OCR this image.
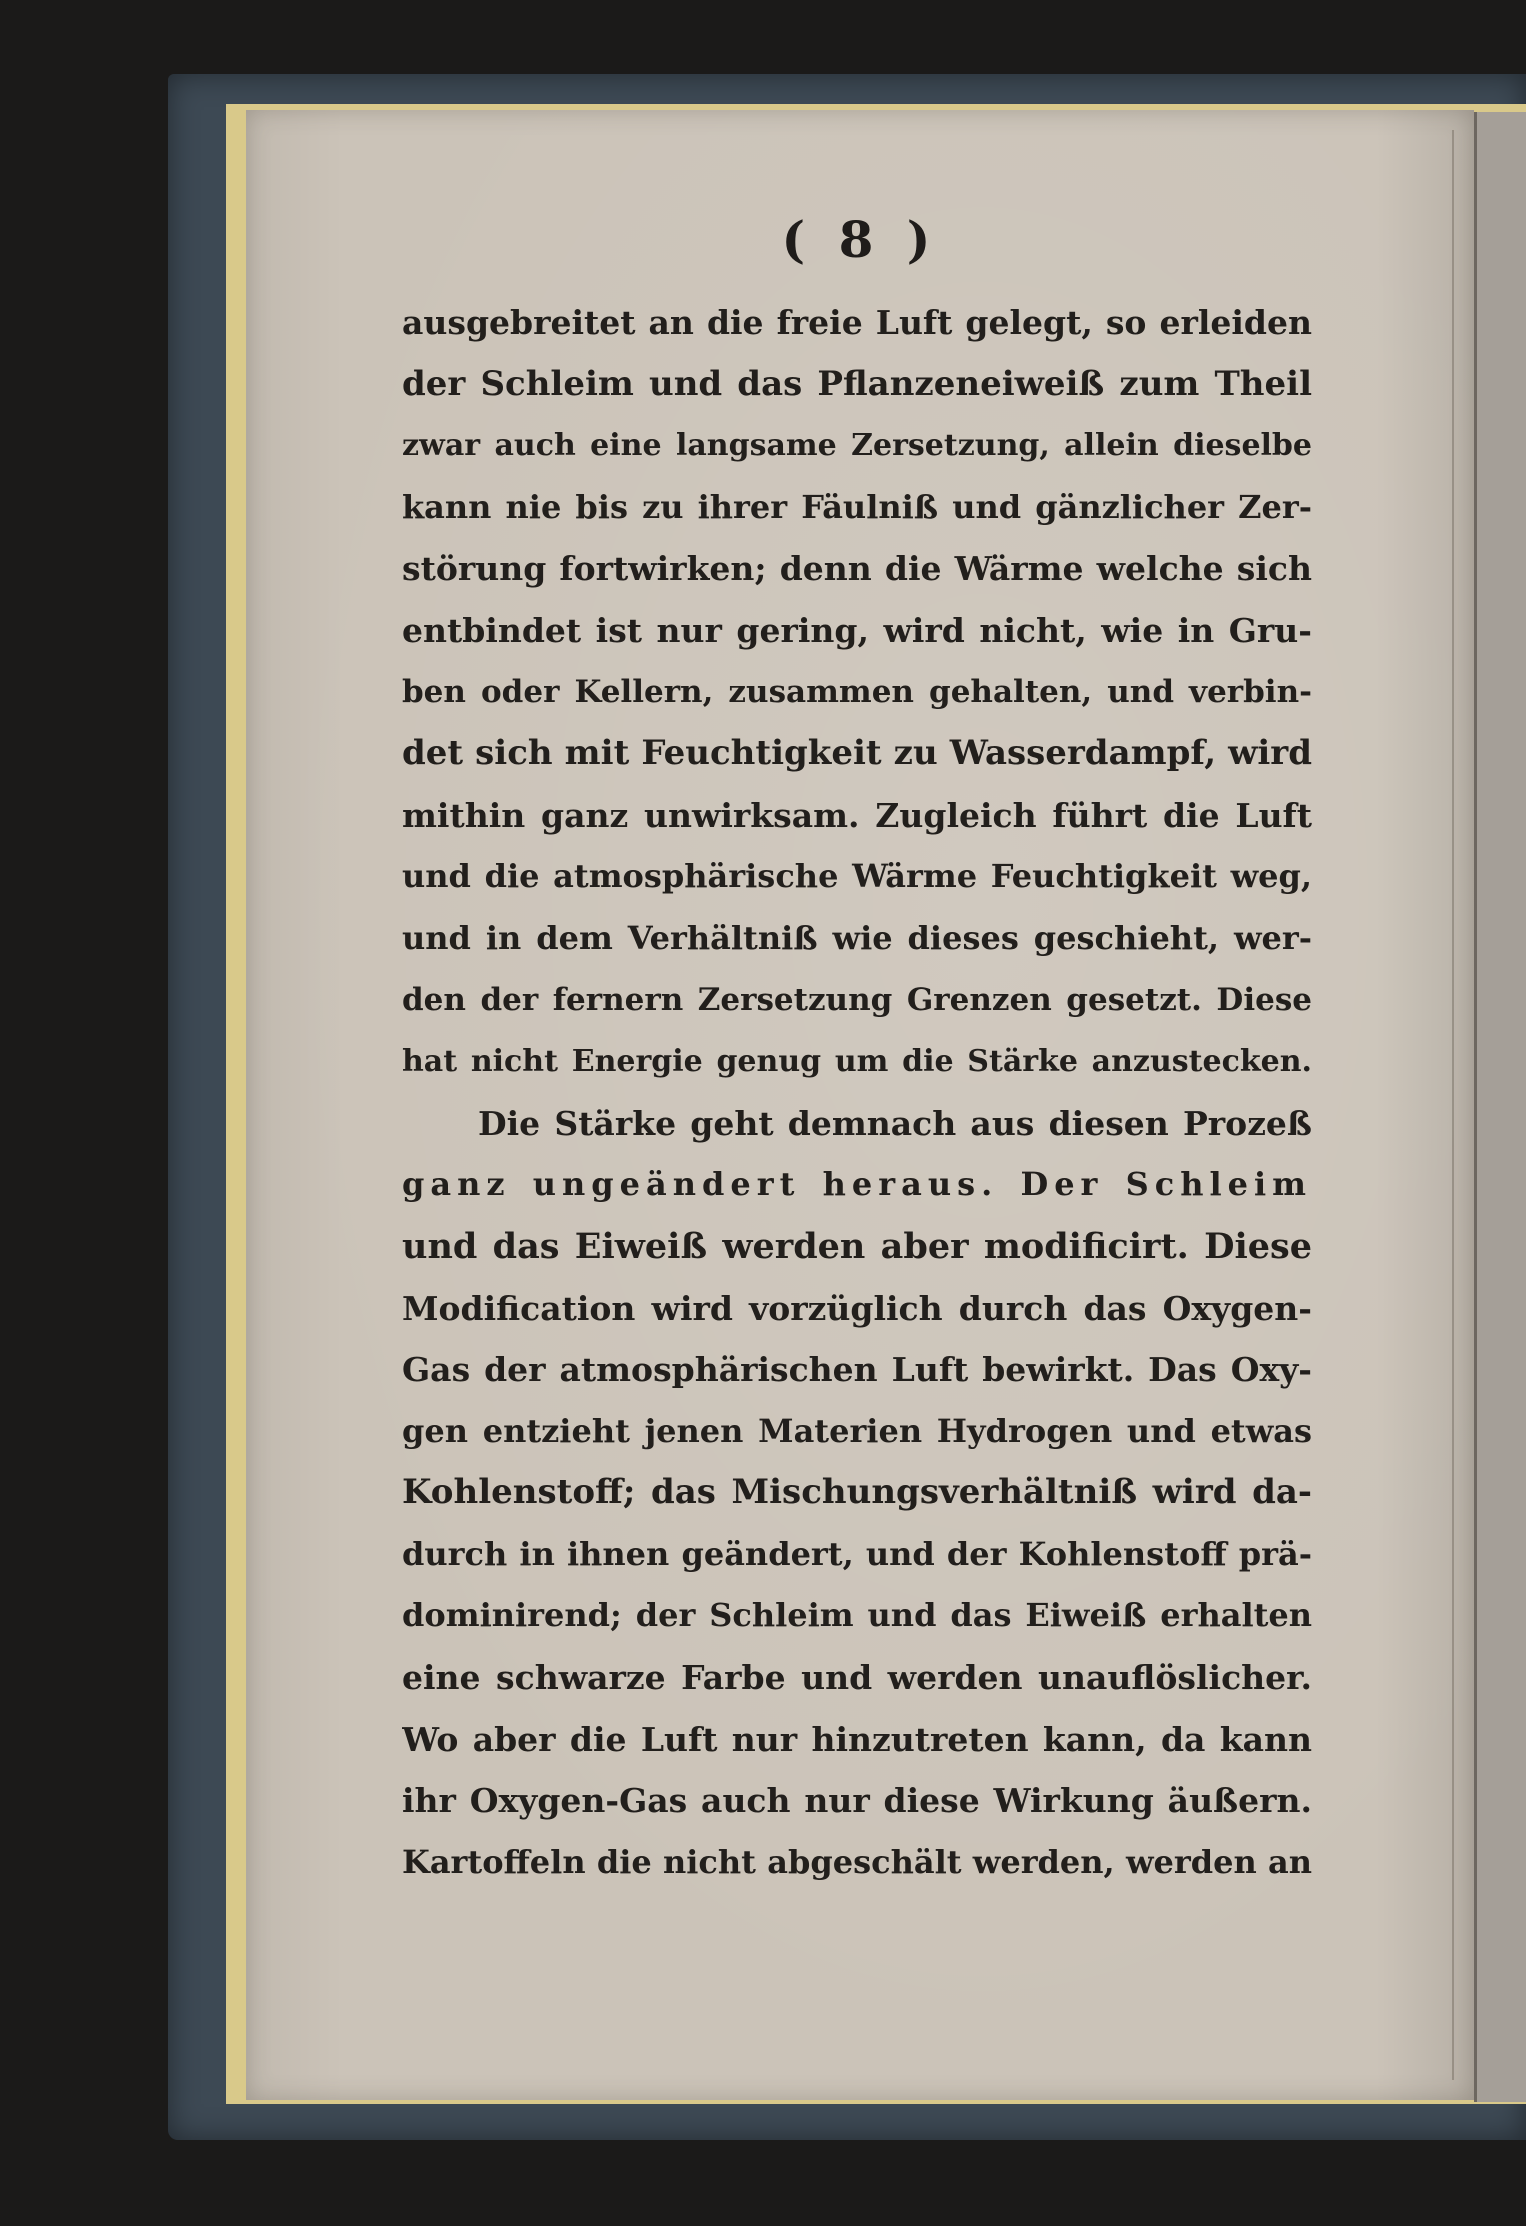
( 8 )
ausgebreitet an die freie Luft gelegt, so erleiden
der Schleim und das Pflanzeneiweiß zum Theil
zwar auch eine langsame Zersetzung, allein dieselbe
kann nie bis zu ihrer Fäulniß und gänzlicher Zer-
störung fortwirken; denn die Wärme welche sich
entbindet ist nur gering, wird nicht, wie in Gru-
ben oder Kellern, zusammen gehalten, und verbin-
det sich mit Feuchtigkeit zu Wasserdampf, wird
mithin ganz unwirksam. Zugleich führt die Luft
und die atmosphärische Wärme Feuchtigkeit weg,
und in dem Verhältniß wie dieses geschieht, wer-
den der fernern Zersetzung Grenzen gesetzt. Diese
hat nicht Energie genug um die Stärke anzustecken.
Die Stärke geht demnach aus diesen Prozeß
ganz ungeändert heraus. Der Schleim
und das Eiweiß werden aber modificirt. Diese
Modification wird vorzüglich durch das Oxygen-
Gas der atmosphärischen Luft bewirkt. Das Oxy-
gen entzieht jenen Materien Hydrogen und etwas
Kohlenstoff; das Mischungsverhältniß wird da-
durch in ihnen geändert, und der Kohlenstoff prä-
dominirend; der Schleim und das Eiweiß erhalten
eine schwarze Farbe und werden unauflöslicher.
Wo aber die Luft nur hinzutreten kann, da kann
ihr Oxygen-Gas auch nur diese Wirkung äußern.
Kartoffeln die nicht abgeschält werden, werden an
